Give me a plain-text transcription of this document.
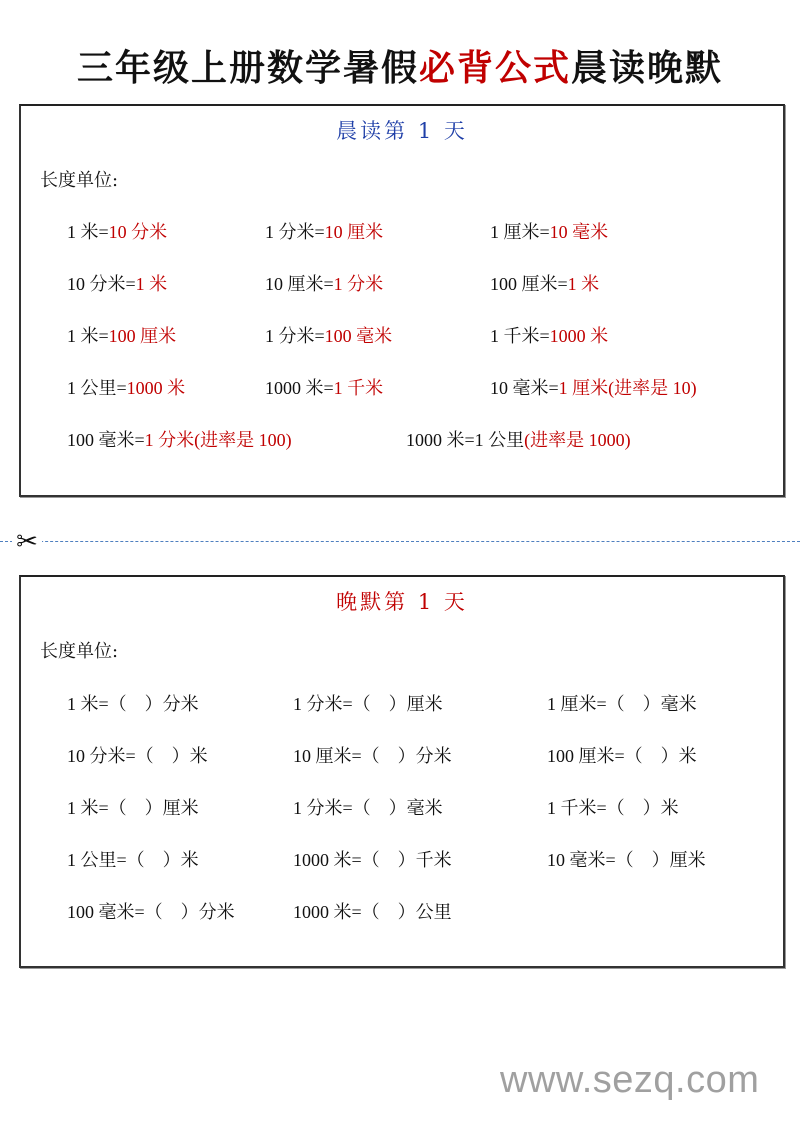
三年级上册数学暑假必背公式晨读晚默
晨读第 1 天
长度单位:
1 米=10 分米	1 分米=10 厘米	1 厘米=10 毫米
10 分米=1 米	10 厘米=1 分米	100 厘米=1 米
1 米=100 厘米	1 分米=100 毫米	1 千米=1000 米
1 公里=1000 米	1000 米=1 千米	10 毫米=1 厘米(进率是 10)
100 毫米=1 分米(进率是 100)	1000 米=1 公里(进率是 1000)
✂
晚默第 1 天
长度单位:
1 米=（    ）分米	1 分米=（    ）厘米	1 厘米=（    ）毫米
10 分米=（    ）米	10 厘米=（    ）分米	100 厘米=（    ）米
1 米=（    ）厘米	1 分米=（    ）毫米	1 千米=（    ）米
1 公里=（    ）米	1000 米=（    ）千米	10 毫米=（    ）厘米
100 毫米=（    ）分米	1000 米=（    ）公里
www.sezq.com
